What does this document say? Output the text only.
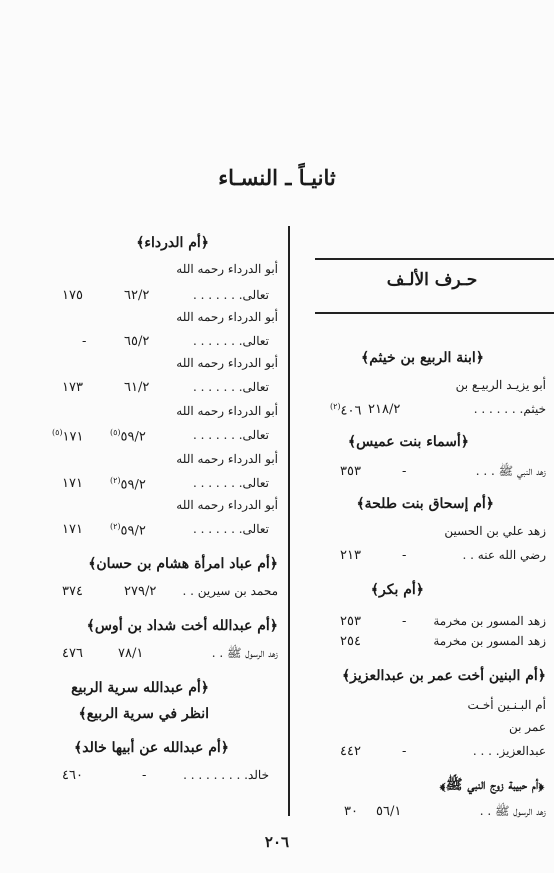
ثانيـاً ـ النسـاء
حـرف الألـف
﴿ابنة الربيع بن خيثم﴾
أبو يزيـد الربيـع بن
خيثم. . . . . . .
٢١٨/٢
$^{(٢)}$٤٠٦
﴿أسماء بنت عميس﴾
زهد النبي ﷺ . . .
-
٣٥٣
﴿أم إسحاق بنت طلحة﴾
زهد علي بن الحسين
رضي الله عنه . .
-
٢١٣
﴿أم بكر﴾
زهد المسور بن مخرمة
-
٢٥٣
زهد المسور بن مخرمة
٢٥٤
﴿أم البنين أخت عمر بن عبدالعزيز﴾
أم البـنـين أخـت
عمر بن
عبدالعزيز. . . .
-
٤٤٢
﴿أم حبيبة زوج النبي ﷺ﴾
زهد الرسول ﷺ . .
٥٦/١
٣٠
﴿أم الدرداء﴾
أبو الدرداء رحمه الله
تعالى. . . . . . .
٦٢/٢
١٧٥
أبو الدرداء رحمه الله
تعالى. . . . . . .
٦٥/٢
-
أبو الدرداء رحمه الله
تعالى. . . . . . .
٦١/٢
١٧٣
أبو الدرداء رحمه الله
تعالى. . . . . . .
$^{(٥)}$٥٩/٢
$^{(٥)}$١٧١
أبو الدرداء رحمه الله
تعالى. . . . . . .
$^{(٢)}$٥٩/٢
١٧١
أبو الدرداء رحمه الله
تعالى. . . . . . .
$^{(٢)}$٥٩/٢
١٧١
﴿أم عباد امرأة هشام بن حسان﴾
محمد بن سيرين . .
٢٧٩/٢
٣٧٤
﴿أم عبدالله أخت شداد بن أوس﴾
زهد الرسول ﷺ . .
٧٨/١
٤٧٦
﴿أم عبدالله سرية الربيع
انظر في سرية الربيع﴾
﴿أم عبدالله عن أبيها خالد﴾
خالد. . . . . . . . .
-
٤٦٠
٢٠٦
